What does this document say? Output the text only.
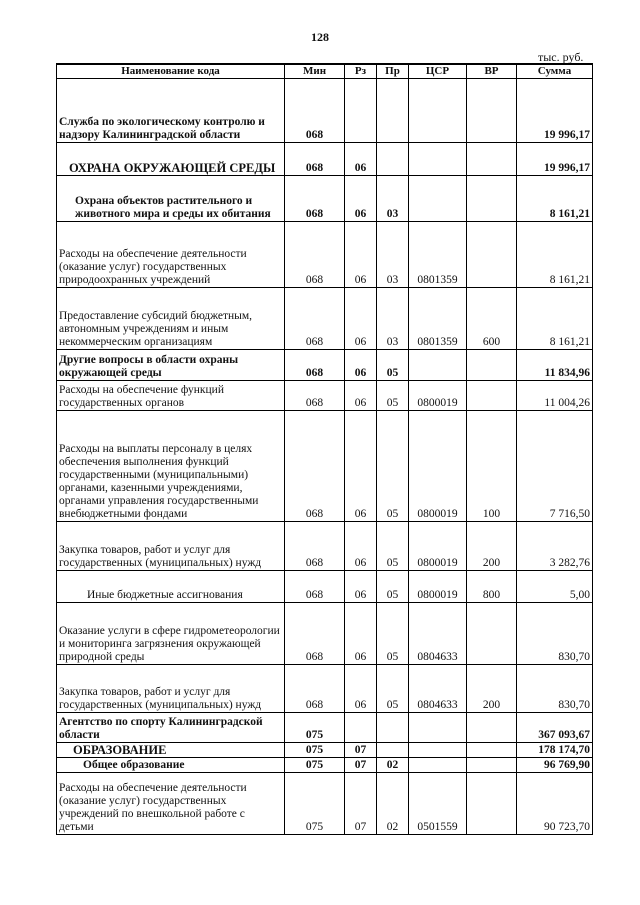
128
тыс. руб.
Наименование кода	Мин	Рз	Пр	ЦСР	ВР	Сумма
Служба по экологическому контролю и надзору Калининградской области	068					19 996,17
ОХРАНА ОКРУЖАЮЩЕЙ СРЕДЫ	068	06				19 996,17
Охрана объектов растительного и животного мира и среды их обитания	068	06	03			8 161,21
Расходы на обеспечение деятельности (оказание услуг) государственных природоохранных учреждений	068	06	03	0801359		8 161,21
Предоставление субсидий бюджетным, автономным учреждениям и иным некоммерческим организациям	068	06	03	0801359	600	8 161,21
Другие вопросы в области охраны окружающей среды	068	06	05			11 834,96
Расходы на обеспечение функций государственных органов	068	06	05	0800019		11 004,26
Расходы на выплаты персоналу в целях обеспечения выполнения функций государственными (муниципальными) органами, казенными учреждениями, органами управления государственными внебюджетными фондами	068	06	05	0800019	100	7 716,50
Закупка товаров, работ и услуг для государственных (муниципальных) нужд	068	06	05	0800019	200	3 282,76
Иные бюджетные ассигнования	068	06	05	0800019	800	5,00
Оказание услуги в сфере гидрометеорологии и мониторинга загрязнения окружающей природной среды	068	06	05	0804633		830,70
Закупка товаров, работ и услуг для государственных (муниципальных) нужд	068	06	05	0804633	200	830,70
Агентство по спорту Калининградской области	075					367 093,67
ОБРАЗОВАНИЕ	075	07				178 174,70
Общее образование	075	07	02			96 769,90
Расходы на обеспечение деятельности (оказание услуг) государственных учреждений по внешкольной работе с детьми	075	07	02	0501559		90 723,70
